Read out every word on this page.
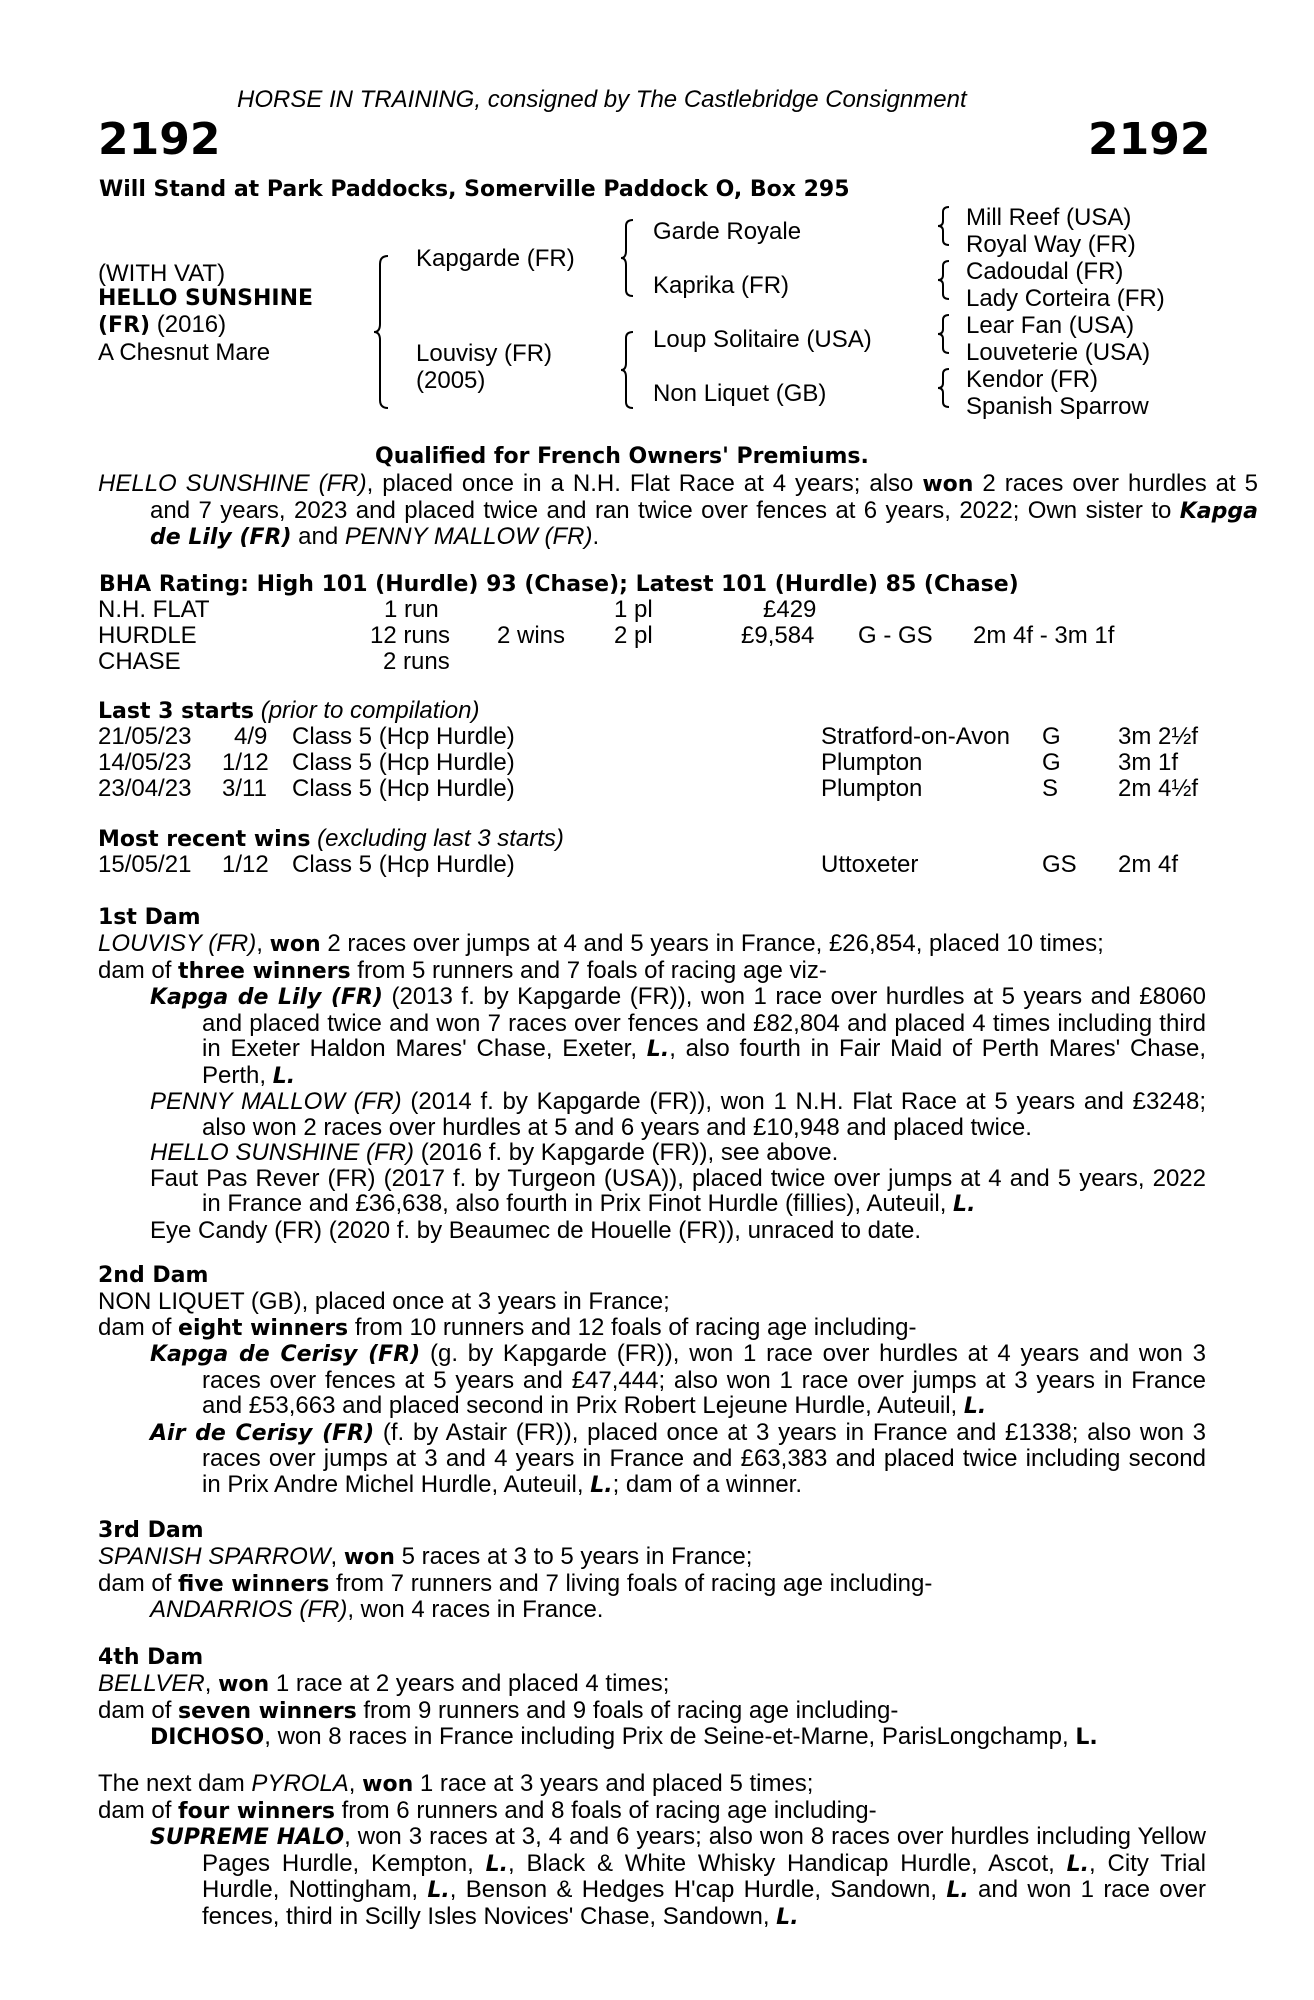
HORSE IN TRAINING, consigned by The Castlebridge Consignment
2192	2192
Will Stand at Park Paddocks, Somerville Paddock O, Box 295
(WITH VAT)
HELLO SUNSHINE
(FR) (2016)
A Chesnut Mare
Kapgarde (FR)
Louvisy (FR)
(2005)
Garde Royale
Kaprika (FR)
Loup Solitaire (USA)
Non Liquet (GB)
Mill Reef (USA)
Royal Way (FR)
Cadoudal (FR)
Lady Corteira (FR)
Lear Fan (USA)
Louveterie (USA)
Kendor (FR)
Spanish Sparrow
Qualified for French Owners' Premiums.
HELLO SUNSHINE (FR), placed once in a N.H. Flat Race at 4 years; also won 2 races over hurdles at 5 and 7 years, 2023 and placed twice and ran twice over fences at 6 years, 2022; Own sister to Kapga de Lily (FR) and PENNY MALLOW (FR).
BHA Rating: High 101 (Hurdle) 93 (Chase); Latest 101 (Hurdle) 85 (Chase)
N.H. FLAT	1 run	1 pl	£429
HURDLE	12 runs 2 wins 2 pl	£9,584 G - GS 2m 4f - 3m 1f
CHASE	2 runs
Last 3 starts (prior to compilation)
21/05/23 4/9 Class 5 (Hcp Hurdle)	Stratford-on-Avon G 3m 2½f
14/05/23 1/12 Class 5 (Hcp Hurdle)	Plumpton	G 3m 1f
23/04/23 3/11 Class 5 (Hcp Hurdle)	Plumpton	S 2m 4½f
Most recent wins (excluding last 3 starts)
15/05/21 1/12 Class 5 (Hcp Hurdle)	Uttoxeter	GS 2m 4f
1st Dam
LOUVISY (FR), won 2 races over jumps at 4 and 5 years in France, £26,854, placed 10 times;
dam of three winners from 5 runners and 7 foals of racing age viz-
Kapga de Lily (FR) (2013 f. by Kapgarde (FR)), won 1 race over hurdles at 5 years and £8060 and placed twice and won 7 races over fences and £82,804 and placed 4 times including third in Exeter Haldon Mares' Chase, Exeter, L., also fourth in Fair Maid of Perth Mares' Chase, Perth, L.
PENNY MALLOW (FR) (2014 f. by Kapgarde (FR)), won 1 N.H. Flat Race at 5 years and £3248; also won 2 races over hurdles at 5 and 6 years and £10,948 and placed twice.
HELLO SUNSHINE (FR) (2016 f. by Kapgarde (FR)), see above.
Faut Pas Rever (FR) (2017 f. by Turgeon (USA)), placed twice over jumps at 4 and 5 years, 2022 in France and £36,638, also fourth in Prix Finot Hurdle (fillies), Auteuil, L.
Eye Candy (FR) (2020 f. by Beaumec de Houelle (FR)), unraced to date.
2nd Dam
NON LIQUET (GB), placed once at 3 years in France;
dam of eight winners from 10 runners and 12 foals of racing age including-
Kapga de Cerisy (FR) (g. by Kapgarde (FR)), won 1 race over hurdles at 4 years and won 3 races over fences at 5 years and £47,444; also won 1 race over jumps at 3 years in France and £53,663 and placed second in Prix Robert Lejeune Hurdle, Auteuil, L.
Air de Cerisy (FR) (f. by Astair (FR)), placed once at 3 years in France and £1338; also won 3 races over jumps at 3 and 4 years in France and £63,383 and placed twice including second in Prix Andre Michel Hurdle, Auteuil, L.; dam of a winner.
3rd Dam
SPANISH SPARROW, won 5 races at 3 to 5 years in France;
dam of five winners from 7 runners and 7 living foals of racing age including-
ANDARRIOS (FR), won 4 races in France.
4th Dam
BELLVER, won 1 race at 2 years and placed 4 times;
dam of seven winners from 9 runners and 9 foals of racing age including-
DICHOSO, won 8 races in France including Prix de Seine-et-Marne, ParisLongchamp, L.
The next dam PYROLA, won 1 race at 3 years and placed 5 times;
dam of four winners from 6 runners and 8 foals of racing age including-
SUPREME HALO, won 3 races at 3, 4 and 6 years; also won 8 races over hurdles including Yellow Pages Hurdle, Kempton, L., Black & White Whisky Handicap Hurdle, Ascot, L., City Trial Hurdle, Nottingham, L., Benson & Hedges H'cap Hurdle, Sandown, L. and won 1 race over fences, third in Scilly Isles Novices' Chase, Sandown, L.
